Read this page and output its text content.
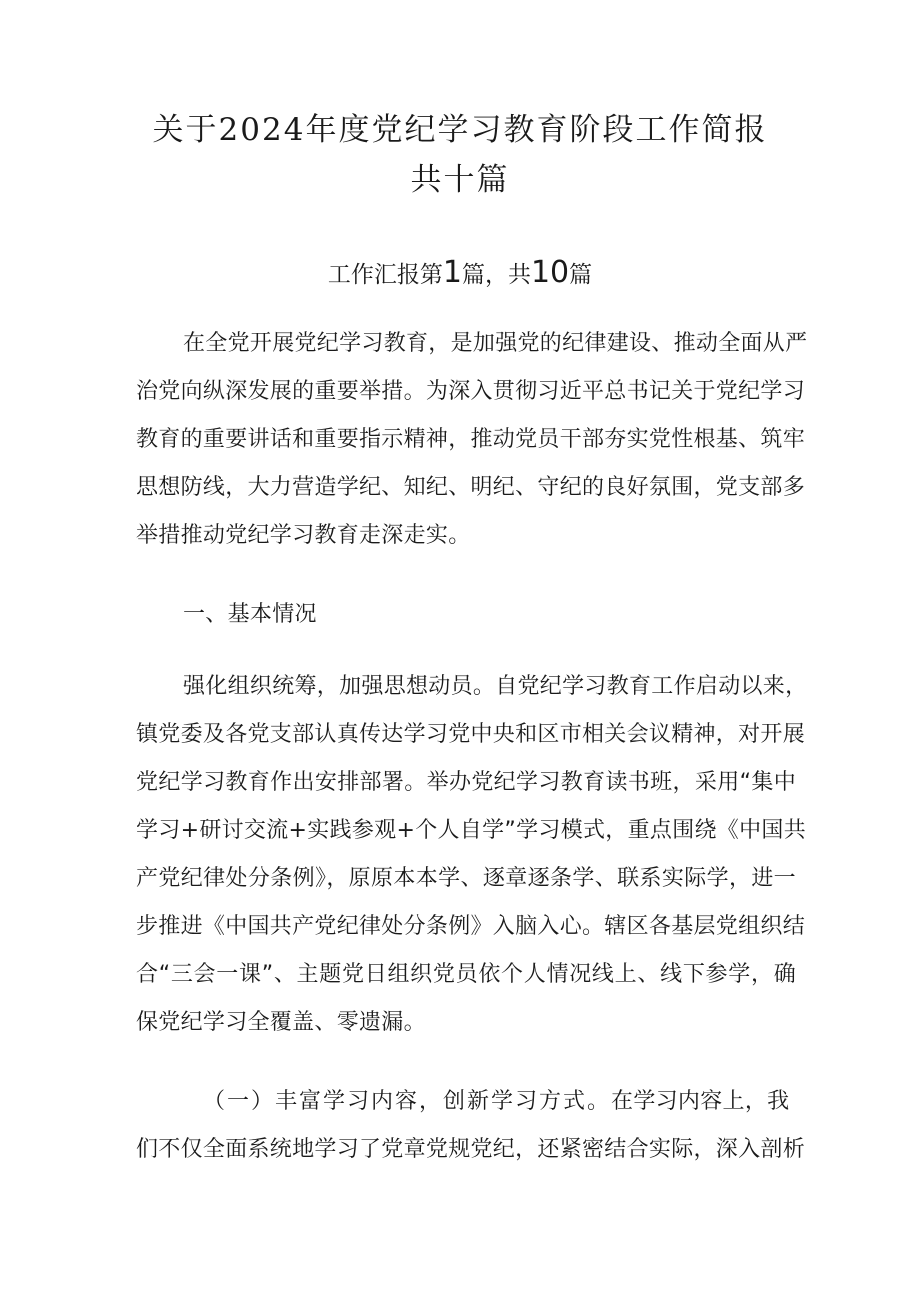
关于2024年度党纪学习教育阶段工作简报
共十篇
工作汇报第1篇，共10篇
在全党开展党纪学习教育，是加强党的纪律建设、推动全面从严
治党向纵深发展的重要举措。为深入贯彻习近平总书记关于党纪学习
教育的重要讲话和重要指示精神，推动党员干部夯实党性根基、筑牢
思想防线，大力营造学纪、知纪、明纪、守纪的良好氛围，党支部多
举措推动党纪学习教育走深走实。
一、基本情况
强化组织统筹，加强思想动员。自党纪学习教育工作启动以来，
镇党委及各党支部认真传达学习党中央和区市相关会议精神，对开展
党纪学习教育作出安排部署。举办党纪学习教育读书班，采用“集中
学习+研讨交流+实践参观+个人自学”学习模式，重点围绕《中国共
产党纪律处分条例》，原原本本学、逐章逐条学、联系实际学，进一
步推进《中国共产党纪律处分条例》入脑入心。辖区各基层党组织结
合“三会一课”、主题党日组织党员依个人情况线上、线下参学，确
保党纪学习全覆盖、零遗漏。
（一）丰富学习内容，创新学习方式。在学习内容上，我
们不仅全面系统地学习了党章党规党纪，还紧密结合实际，深入剖析
